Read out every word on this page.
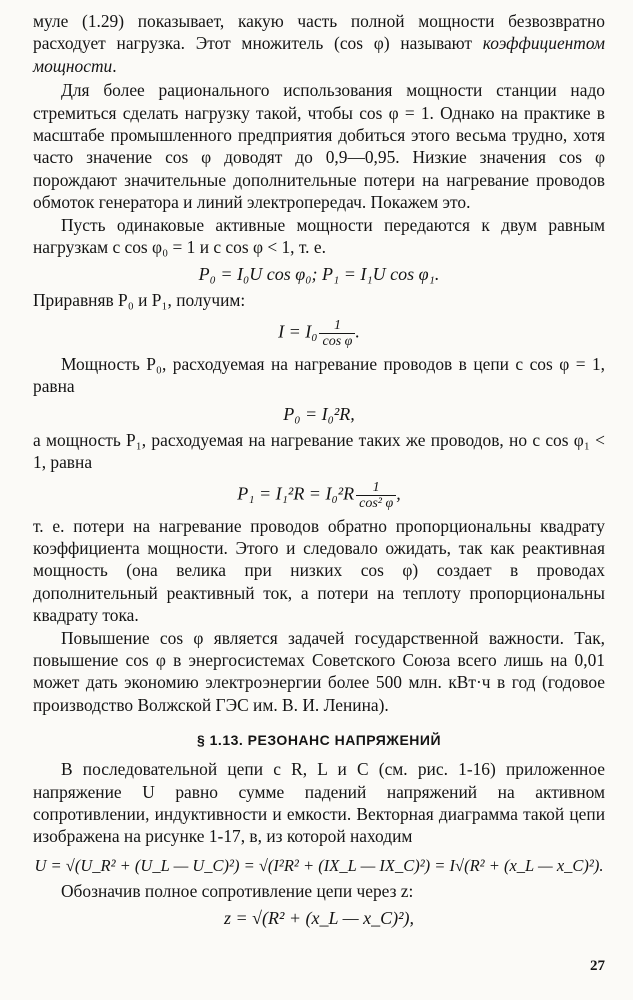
муле (1.29) показывает, какую часть полной мощности безвозвратно расходует нагрузка. Этот множитель (cos φ) называют коэффициентом мощности.

Для более рационального использования мощности станции надо стремиться сделать нагрузку такой, чтобы cos φ = 1. Однако на практике в масштабе промышленного предприятия добиться этого весьма трудно, хотя часто значение cos φ доводят до 0,9—0,95. Низкие значения cos φ порождают значительные дополнительные потери на нагревание проводов обмоток генератора и линий электропередач. Покажем это.

Пусть одинаковые активные мощности передаются к двум равным нагрузкам с cos φ₀ = 1 и с cos φ < 1, т. е.

P₀ = I₀U cos φ₀; P₁ = I₁U cos φ₁.

Приравняв P₀ и P₁, получим:

$I = I_0 \frac{1}{\text{cos φ}}$ .

Мощность P₀, расходуемая на нагревание проводов в цепи с cos φ = 1, равна

P₀ = I₀²R,

а мощность P₁, расходуемая на нагревание таких же проводов, но с cos φ₁ < 1, равна

$P_1 = I_1^2R = I_0^2R \frac{1}{\text{cos² φ}}$ ,

т. е. потери на нагревание проводов обратно пропорциональны квадрату коэффициента мощности. Этого и следовало ожидать, так как реактивная мощность (она велика при низких cos φ) создает в проводах дополнительный реактивный ток, а потери на теплоту пропорциональны квадрату тока.

Повышение cos φ является задачей государственной важности. Так, повышение cos φ в энергосистемах Советского Союза всего лишь на 0,01 может дать экономию электроэнергии более 500 млн. кВт·ч в год (годовое производство Волжской ГЭС им. В. И. Ленина).

§ 1.13. РЕЗОНАНС НАПРЯЖЕНИЙ

В последовательной цепи с R, L и C (см. рис. 1-16) приложенное напряжение U равно сумме падений напряжений на активном сопротивлении, индуктивности и емкости. Векторная диаграмма такой цепи изображена на рисунке 1-17, в, из которой находим

U = √(U_R² + (U_L — U_C)²) = √(I²R² + (IX_L — IX_C)²) = I√(R² + (x_L — x_C)²).

Обозначив полное сопротивление цепи через z:

z = √(R² + (x_L — x_C)²),
27
